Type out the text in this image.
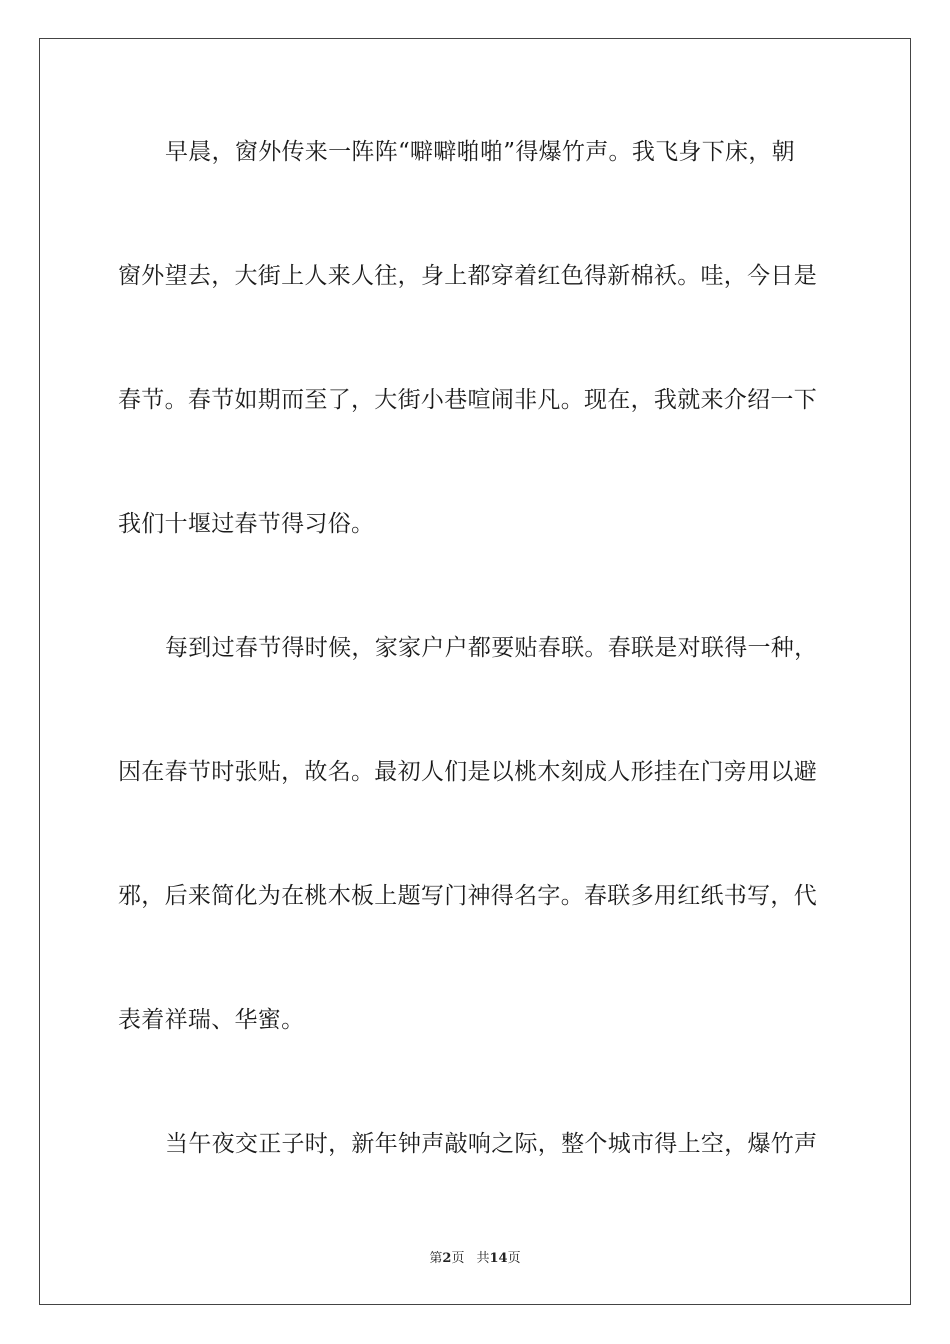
早晨，窗外传来一阵阵“噼噼啪啪”得爆竹声。我飞身下床，朝
窗外望去，大街上人来人往，身上都穿着红色得新棉袄。哇，今日是
春节。春节如期而至了，大街小巷喧闹非凡。现在，我就来介绍一下
我们十堰过春节得习俗。
每到过春节得时候，家家户户都要贴春联。春联是对联得一种，
因在春节时张贴，故名。最初人们是以桃木刻成人形挂在门旁用以避
邪，后来简化为在桃木板上题写门神得名字。春联多用红纸书写，代
表着祥瑞、华蜜。
当午夜交正子时，新年钟声敲响之际，整个城市得上空，爆竹声
第2页 共14页
